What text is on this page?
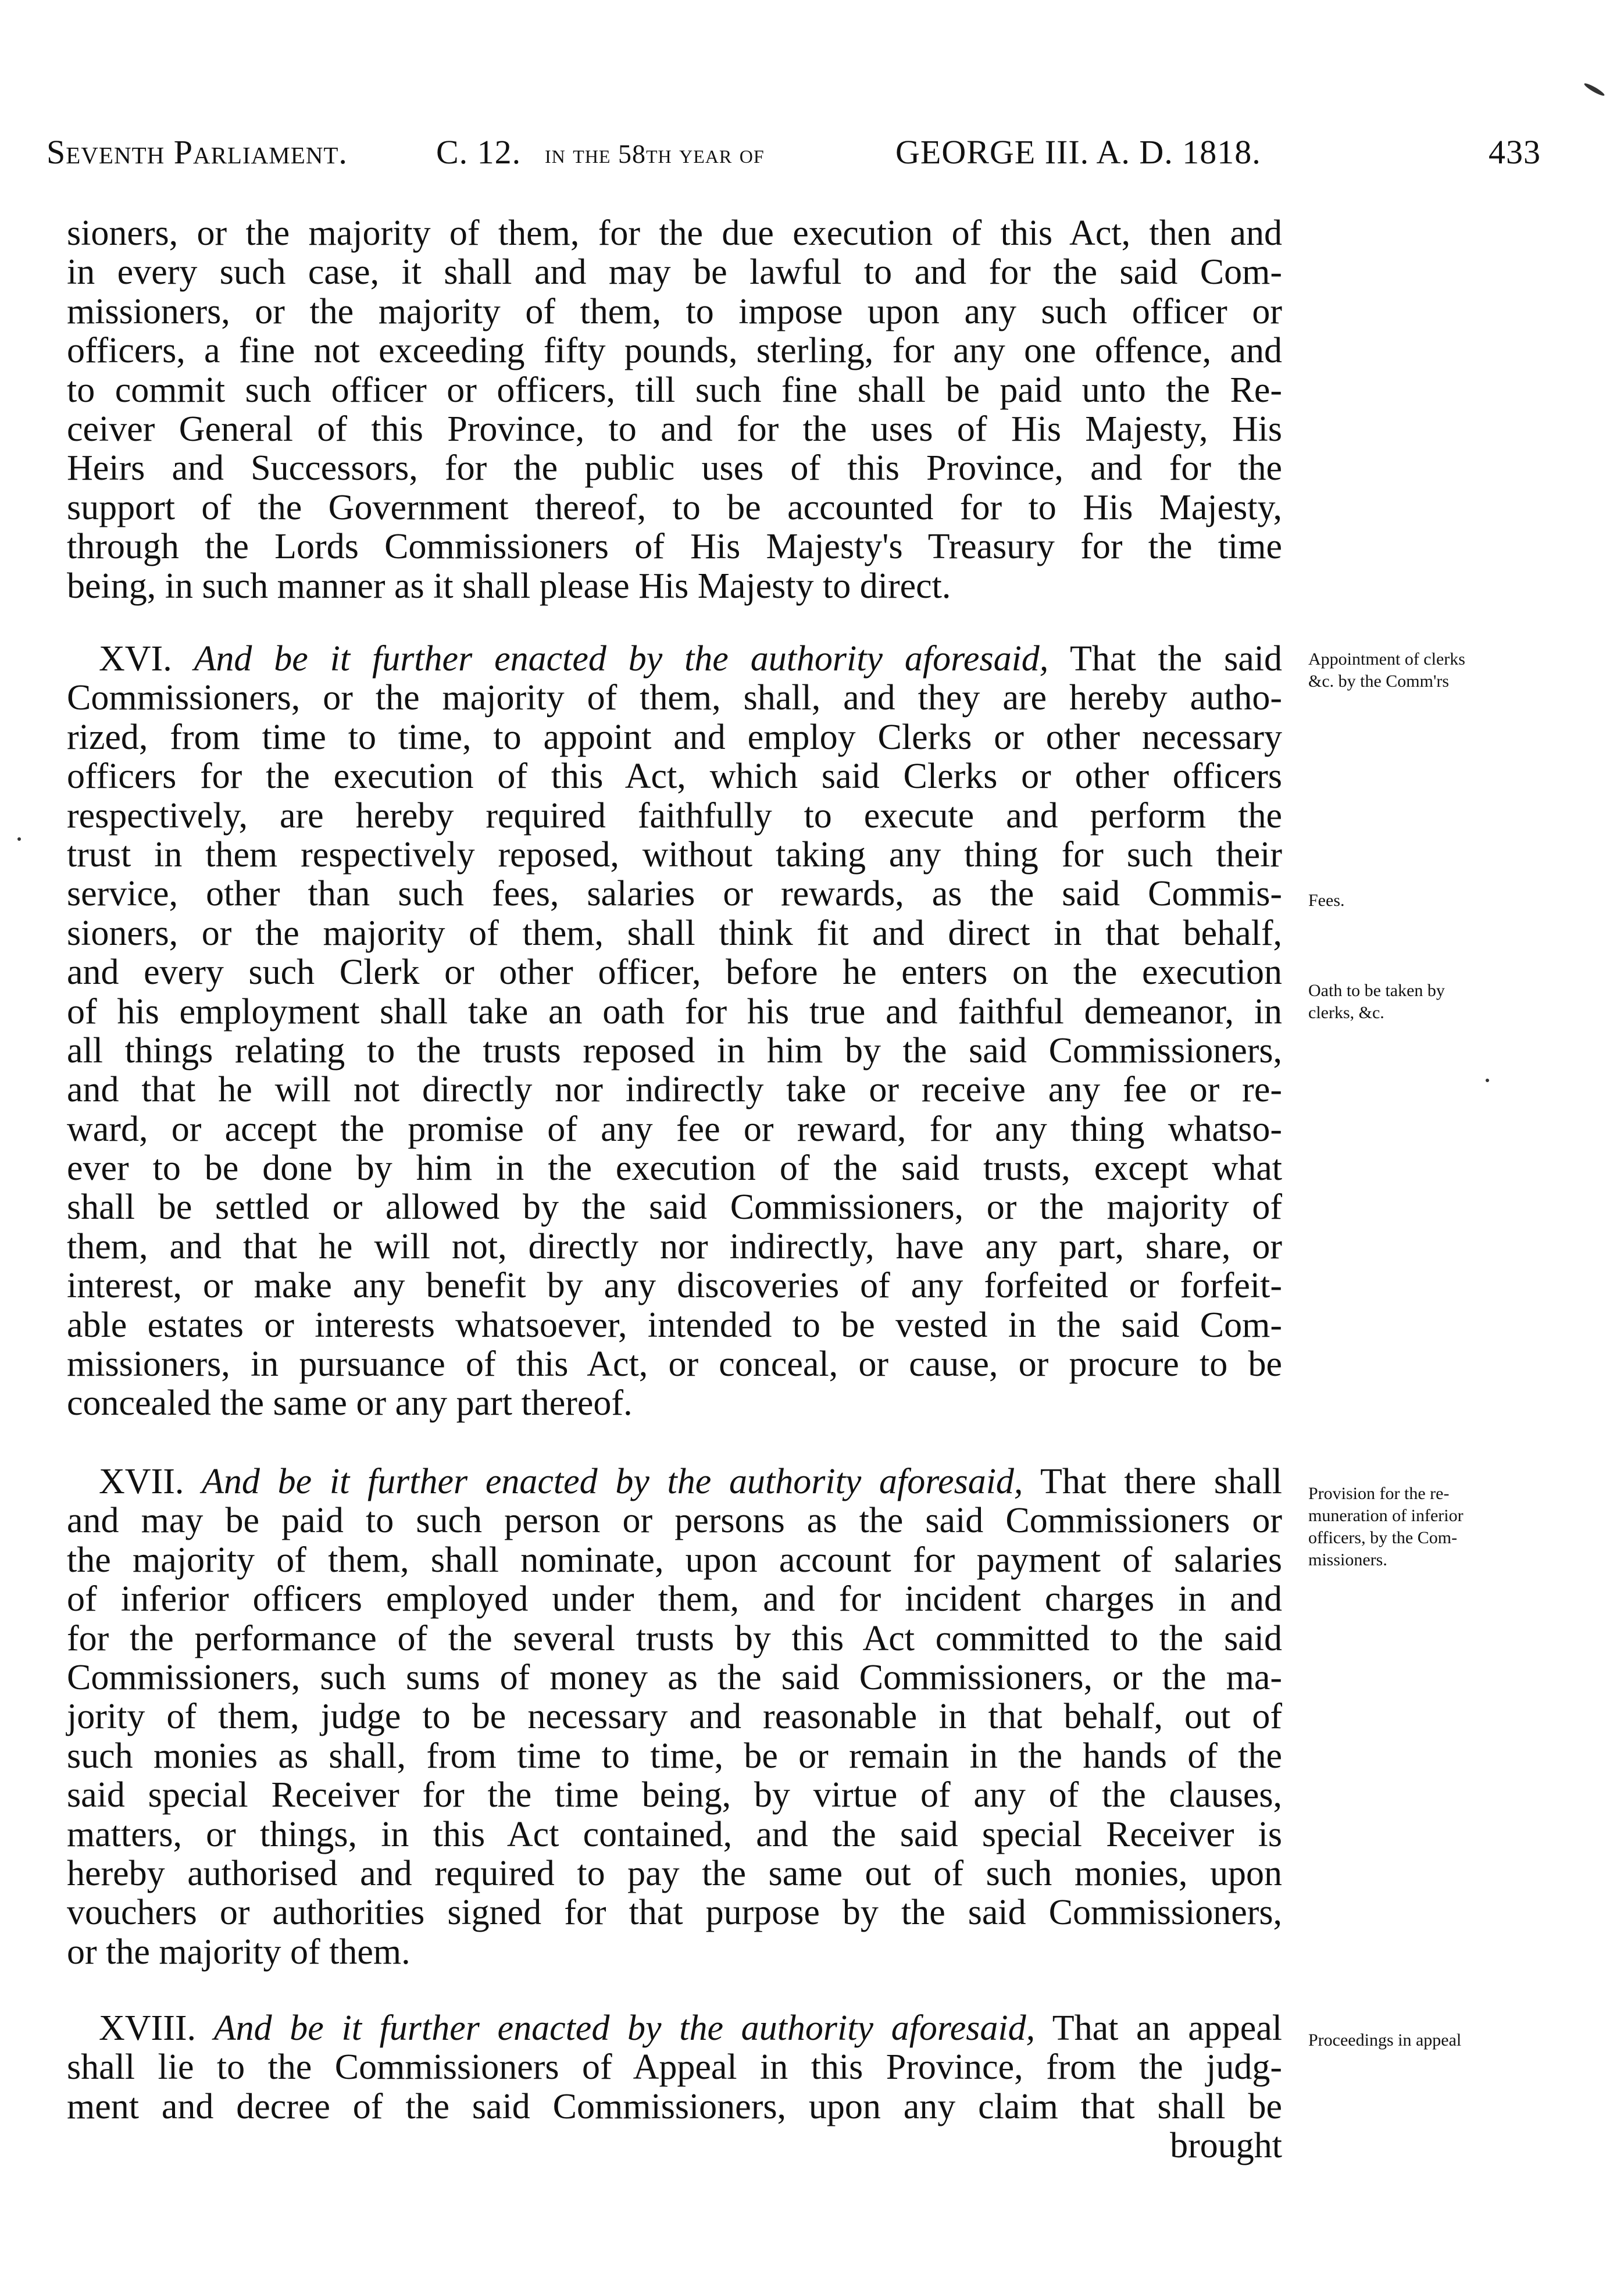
Seventh Parliament.	C. 12. in the 58th year of	GEORGE III. A. D. 1818.	433
sioners, or the majority of them, for the due execution of this Act, then and
in every such case, it shall and may be lawful to and for the said Com-
missioners, or the majority of them, to impose upon any such officer or
officers, a fine not exceeding fifty pounds, sterling, for any one offence, and
to commit such officer or officers, till such fine shall be paid unto the Re-
ceiver General of this Province, to and for the uses of His Majesty, His
Heirs and Successors, for the public uses of this Province, and for the
support of the Government thereof, to be accounted for to His Majesty,
through the Lords Commissioners of His Majesty's Treasury for the time
being, in such manner as it shall please His Majesty to direct.
XVI. And be it further enacted by the authority aforesaid, That the said
Commissioners, or the majority of them, shall, and they are hereby autho-
rized, from time to time, to appoint and employ Clerks or other necessary
officers for the execution of this Act, which said Clerks or other officers
respectively, are hereby required faithfully to execute and perform the
trust in them respectively reposed, without taking any thing for such their
service, other than such fees, salaries or rewards, as the said Commis-
sioners, or the majority of them, shall think fit and direct in that behalf,
and every such Clerk or other officer, before he enters on the execution
of his employment shall take an oath for his true and faithful demeanor, in
all things relating to the trusts reposed in him by the said Commissioners,
and that he will not directly nor indirectly take or receive any fee or re-
ward, or accept the promise of any fee or reward, for any thing whatso-
ever to be done by him in the execution of the said trusts, except what
shall be settled or allowed by the said Commissioners, or the majority of
them, and that he will not, directly nor indirectly, have any part, share, or
interest, or make any benefit by any discoveries of any forfeited or forfeit-
able estates or interests whatsoever, intended to be vested in the said Com-
missioners, in pursuance of this Act, or conceal, or cause, or procure to be
concealed the same or any part thereof.
XVII. And be it further enacted by the authority aforesaid, That there shall
and may be paid to such person or persons as the said Commissioners or
the majority of them, shall nominate, upon account for payment of salaries
of inferior officers employed under them, and for incident charges in and
for the performance of the several trusts by this Act committed to the said
Commissioners, such sums of money as the said Commissioners, or the ma-
jority of them, judge to be necessary and reasonable in that behalf, out of
such monies as shall, from time to time, be or remain in the hands of the
said special Receiver for the time being, by virtue of any of the clauses,
matters, or things, in this Act contained, and the said special Receiver is
hereby authorised and required to pay the same out of such monies, upon
vouchers or authorities signed for that purpose by the said Commissioners,
or the majority of them.
XVIII. And be it further enacted by the authority aforesaid, That an appeal
shall lie to the Commissioners of Appeal in this Province, from the judg-
ment and decree of the said Commissioners, upon any claim that shall be
brought
Appointment of clerks
&c. by the Comm'rs
Fees.
Oath to be taken by
clerks, &c.
Provision for the re-
muneration of inferior
officers, by the Com-
missioners.
Proceedings in appeal
